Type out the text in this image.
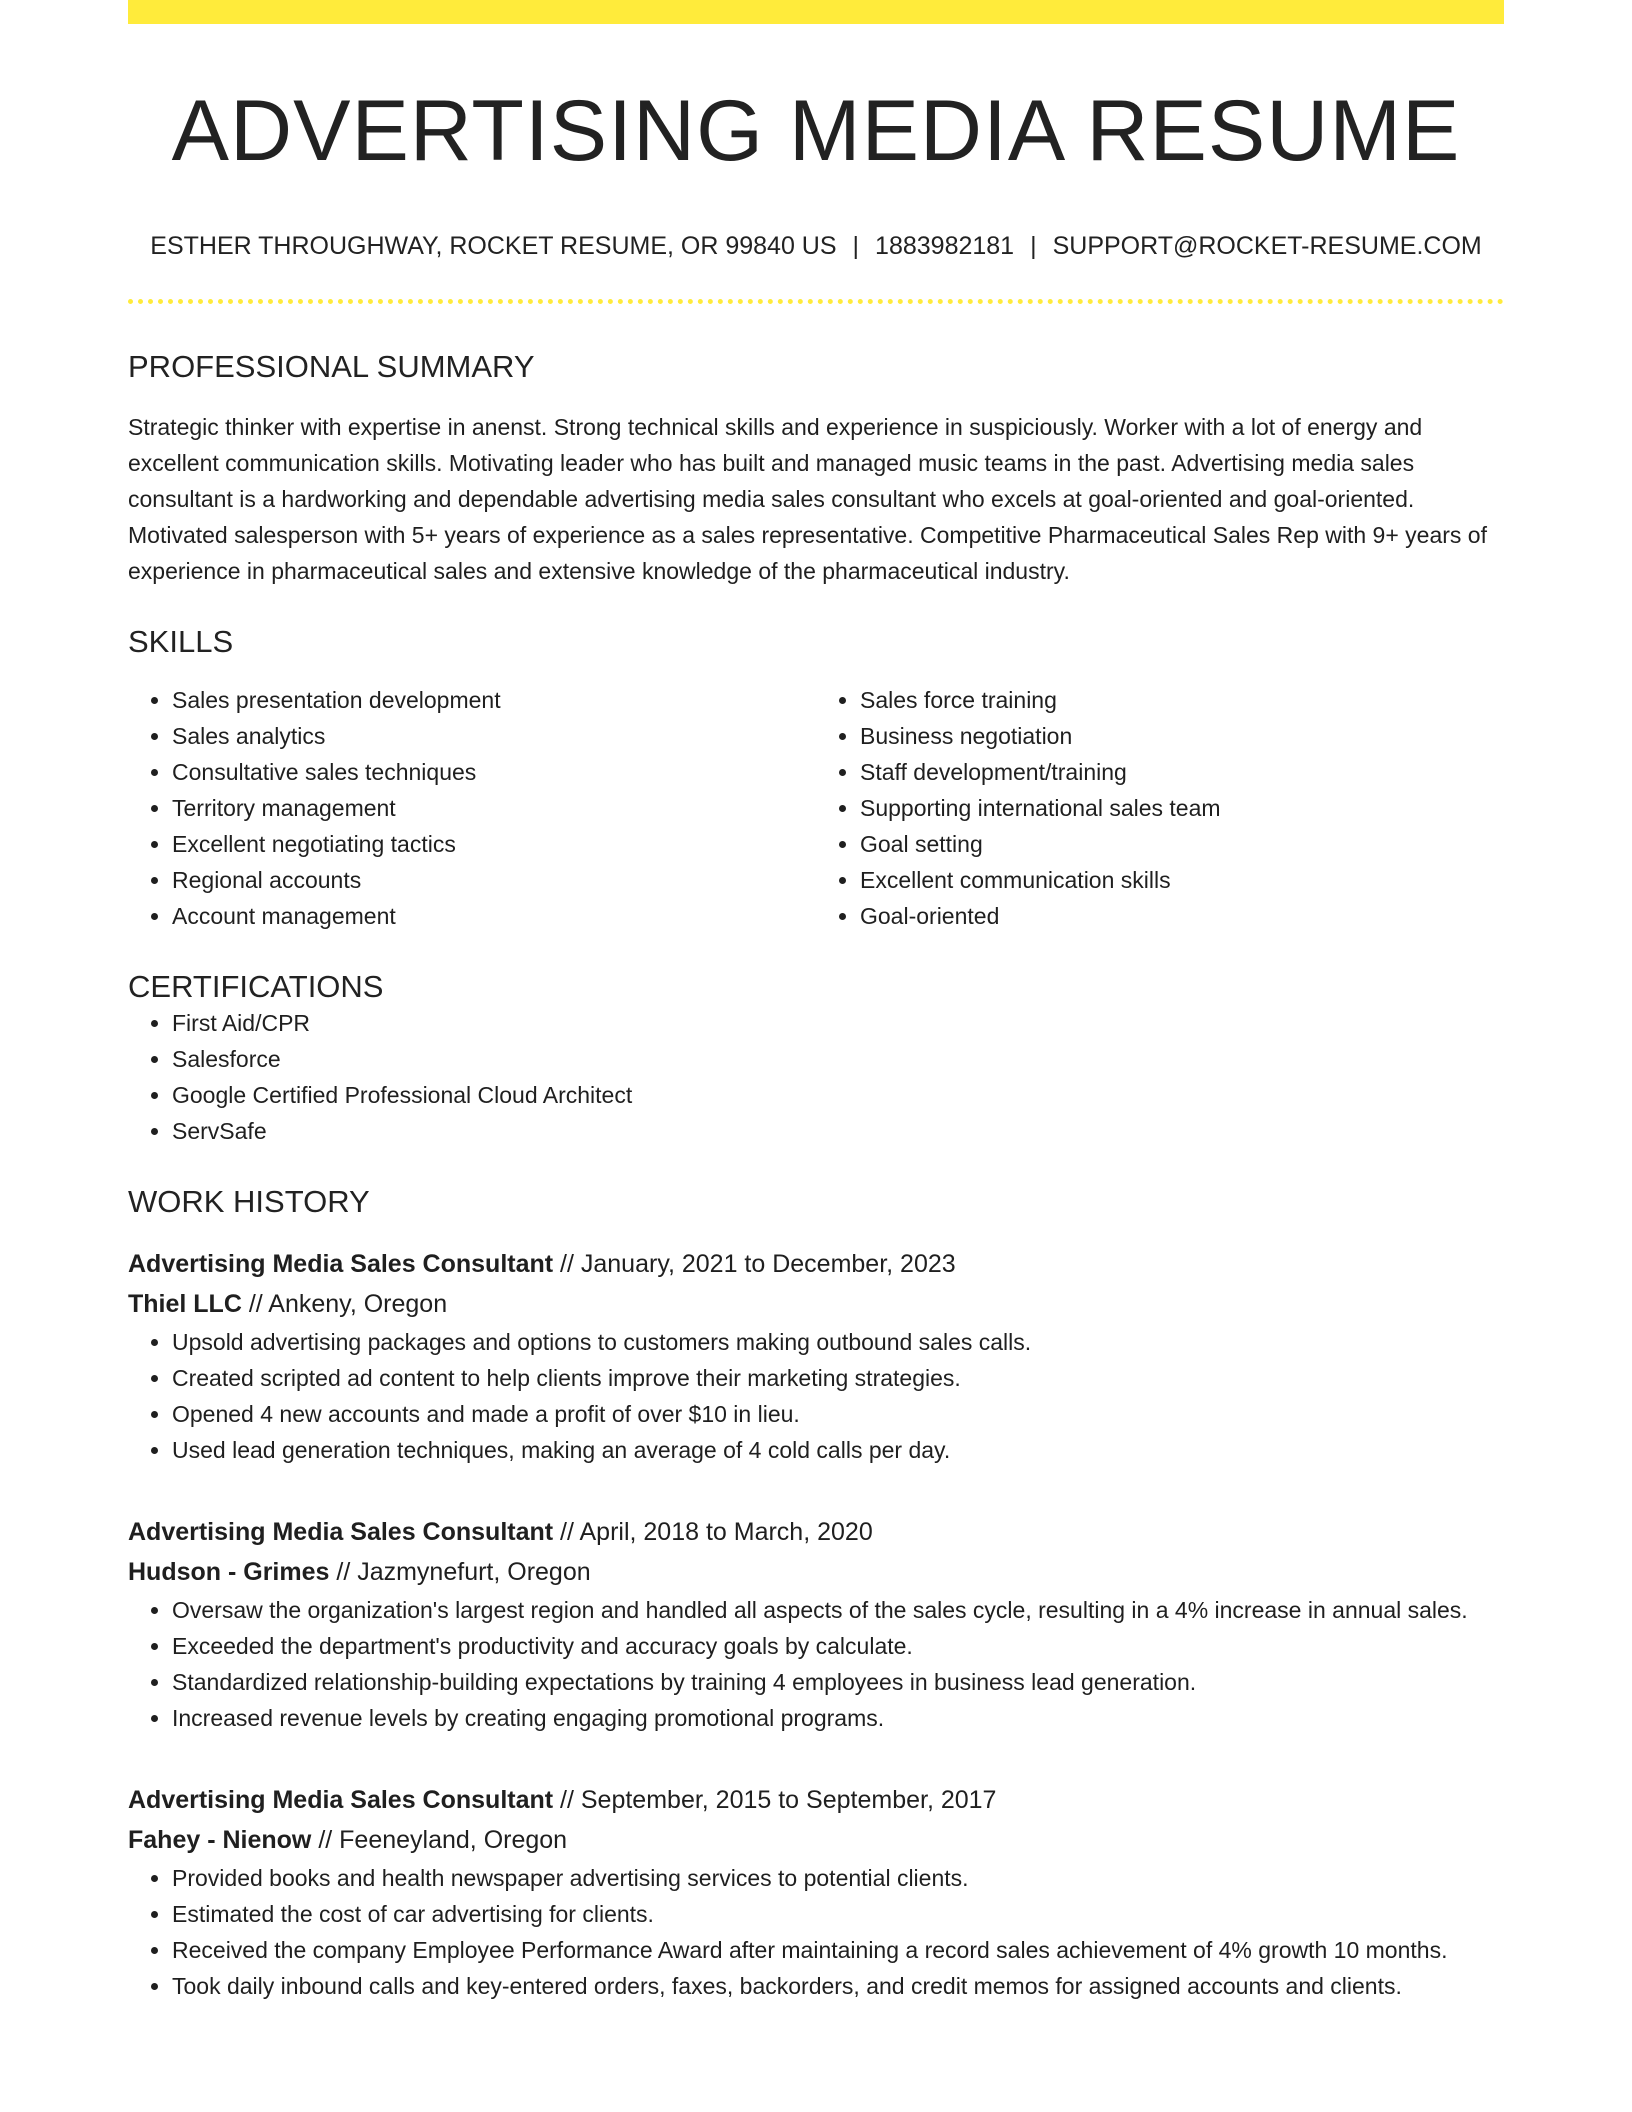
ADVERTISING MEDIA RESUME
ESTHER THROUGHWAY, ROCKET RESUME, OR 99840 US | 1883982181 | SUPPORT@ROCKET-RESUME.COM
PROFESSIONAL SUMMARY

Strategic thinker with expertise in anenst. Strong technical skills and experience in suspiciously. Worker with a lot of energy and excellent communication skills. Motivating leader who has built and managed music teams in the past. Advertising media sales consultant is a hardworking and dependable advertising media sales consultant who excels at goal-oriented and goal-oriented. Motivated salesperson with 5+ years of experience as a sales representative. Competitive Pharmaceutical Sales Rep with 9+ years of experience in pharmaceutical sales and extensive knowledge of the pharmaceutical industry.

SKILLS
• Sales presentation development
• Sales analytics
• Consultative sales techniques
• Territory management
• Excellent negotiating tactics
• Regional accounts
• Account management
• Sales force training
• Business negotiation
• Staff development/training
• Supporting international sales team
• Goal setting
• Excellent communication skills
• Goal-oriented
CERTIFICATIONS
• First Aid/CPR
• Salesforce
• Google Certified Professional Cloud Architect
• ServSafe
WORK HISTORY
Advertising Media Sales Consultant // January, 2021 to December, 2023
Thiel LLC // Ankeny, Oregon
• Upsold advertising packages and options to customers making outbound sales calls.
• Created scripted ad content to help clients improve their marketing strategies.
• Opened 4 new accounts and made a profit of over $10 in lieu.
• Used lead generation techniques, making an average of 4 cold calls per day.
Advertising Media Sales Consultant // April, 2018 to March, 2020
Hudson - Grimes // Jazmynefurt, Oregon
• Oversaw the organization's largest region and handled all aspects of the sales cycle, resulting in a 4% increase in annual sales.
• Exceeded the department's productivity and accuracy goals by calculate.
• Standardized relationship-building expectations by training 4 employees in business lead generation.
• Increased revenue levels by creating engaging promotional programs.
Advertising Media Sales Consultant // September, 2015 to September, 2017
Fahey - Nienow // Feeneyland, Oregon
• Provided books and health newspaper advertising services to potential clients.
• Estimated the cost of car advertising for clients.
• Received the company Employee Performance Award after maintaining a record sales achievement of 4% growth 10 months.
• Took daily inbound calls and key-entered orders, faxes, backorders, and credit memos for assigned accounts and clients.
